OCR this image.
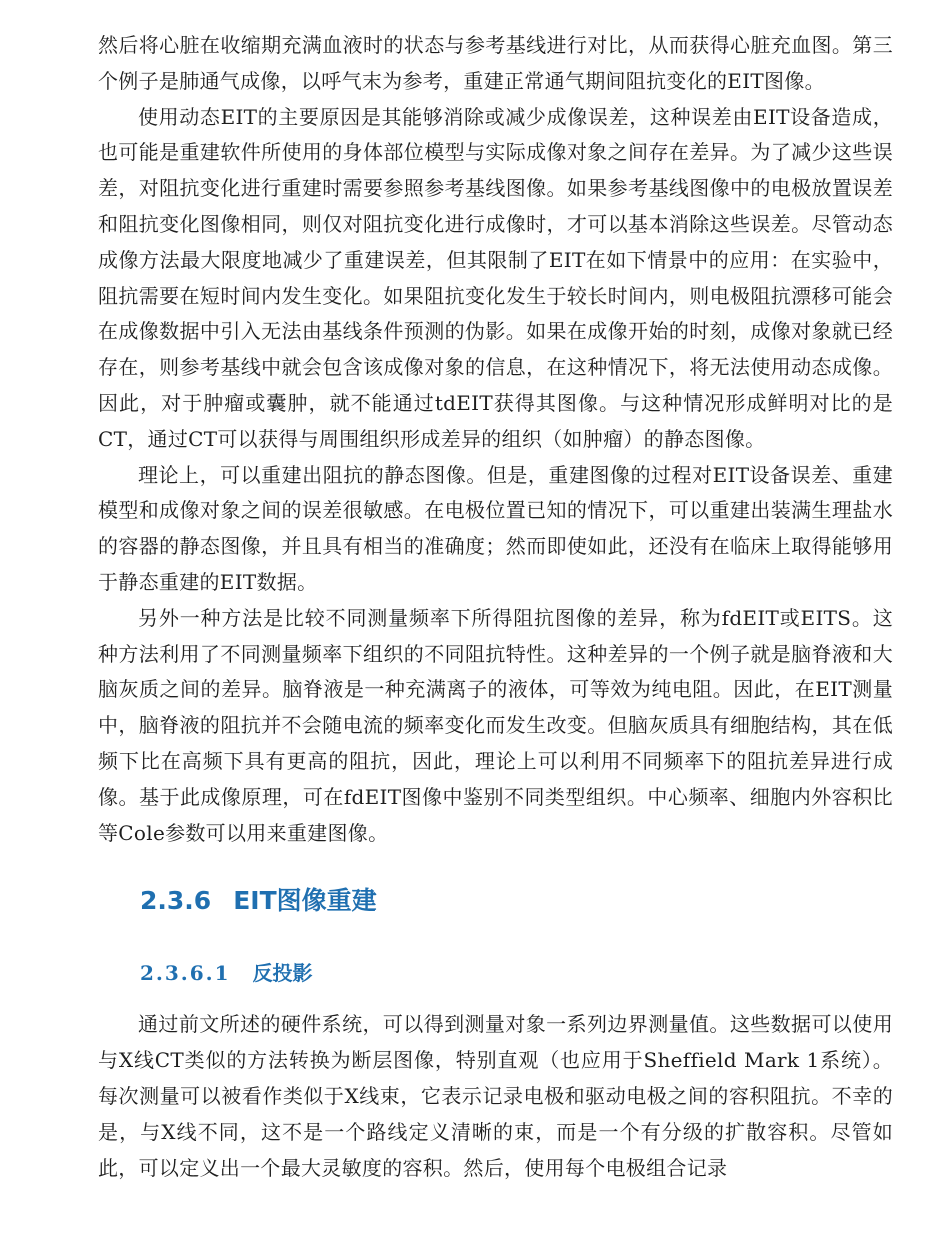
然后将心脏在收缩期充满血液时的状态与参考基线进行对比，从而获得心脏充血图。第三个例子是肺通气成像，以呼气末为参考，重建正常通气期间阻抗变化的EIT图像。

使用动态EIT的主要原因是其能够消除或减少成像误差，这种误差由EIT设备造成，也可能是重建软件所使用的身体部位模型与实际成像对象之间存在差异。为了减少这些误差，对阻抗变化进行重建时需要参照参考基线图像。如果参考基线图像中的电极放置误差和阻抗变化图像相同，则仅对阻抗变化进行成像时，才可以基本消除这些误差。尽管动态成像方法最大限度地减少了重建误差，但其限制了EIT在如下情景中的应用：在实验中，阻抗需要在短时间内发生变化。如果阻抗变化发生于较长时间内，则电极阻抗漂移可能会在成像数据中引入无法由基线条件预测的伪影。如果在成像开始的时刻，成像对象就已经存在，则参考基线中就会包含该成像对象的信息，在这种情况下，将无法使用动态成像。因此，对于肿瘤或囊肿，就不能通过tdEIT获得其图像。与这种情况形成鲜明对比的是CT，通过CT可以获得与周围组织形成差异的组织（如肿瘤）的静态图像。

理论上，可以重建出阻抗的静态图像。但是，重建图像的过程对EIT设备误差、重建模型和成像对象之间的误差很敏感。在电极位置已知的情况下，可以重建出装满生理盐水的容器的静态图像，并且具有相当的准确度；然而即使如此，还没有在临床上取得能够用于静态重建的EIT数据。

另外一种方法是比较不同测量频率下所得阻抗图像的差异，称为fdEIT或EITS。这种方法利用了不同测量频率下组织的不同阻抗特性。这种差异的一个例子就是脑脊液和大脑灰质之间的差异。脑脊液是一种充满离子的液体，可等效为纯电阻。因此，在EIT测量中，脑脊液的阻抗并不会随电流的频率变化而发生改变。但脑灰质具有细胞结构，其在低频下比在高频下具有更高的阻抗，因此，理论上可以利用不同频率下的阻抗差异进行成像。基于此成像原理，可在fdEIT图像中鉴别不同类型组织。中心频率、细胞内外容积比等Cole参数可以用来重建图像。

2.3.6 EIT图像重建
2.3.6.1 反投影

通过前文所述的硬件系统，可以得到测量对象一系列边界测量值。这些数据可以使用与X线CT类似的方法转换为断层图像，特别直观（也应用于Sheffield Mark 1系统）。每次测量可以被看作类似于X线束，它表示记录电极和驱动电极之间的容积阻抗。不幸的是，与X线不同，这不是一个路线定义清晰的束，而是一个有分级的扩散容积。尽管如此，可以定义出一个最大灵敏度的容积。然后，使用每个电极组合记录
